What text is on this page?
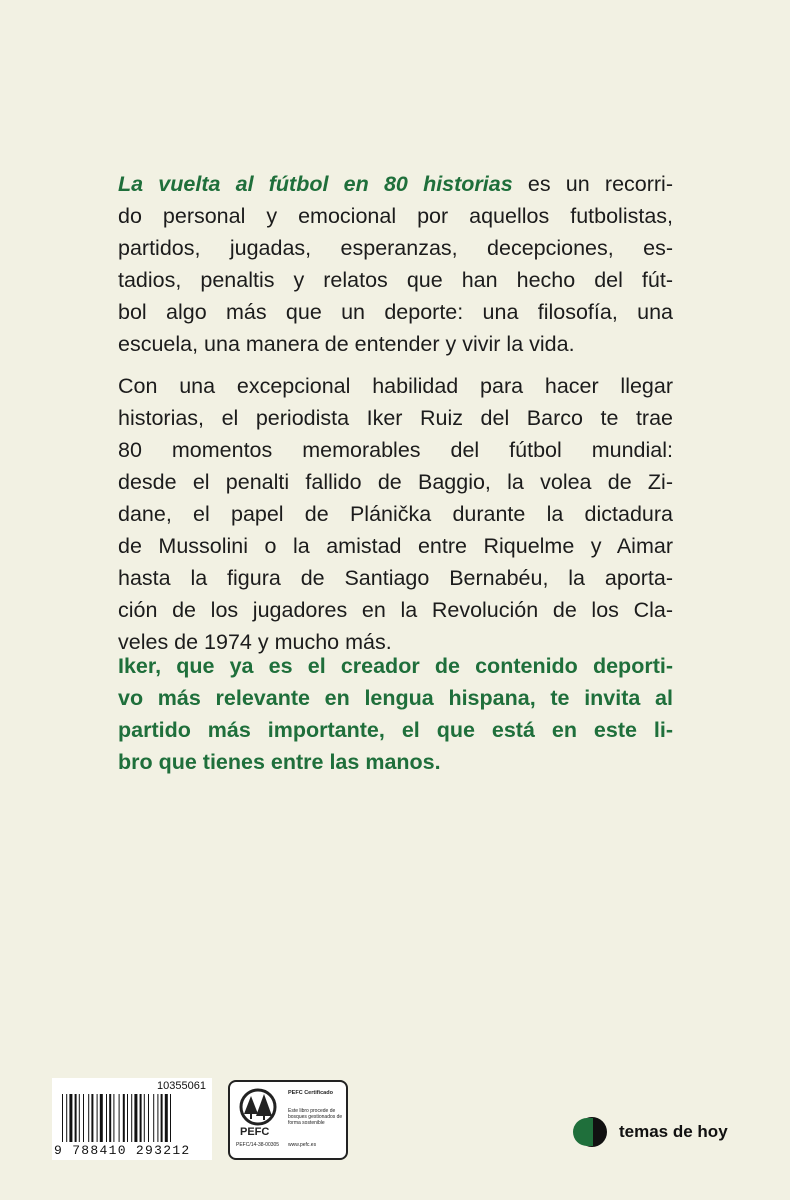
La vuelta al fútbol en 80 historias es un recorri-
do personal y emocional por aquellos futbolistas,
partidos, jugadas, esperanzas, decepciones, es-
tadios, penaltis y relatos que han hecho del fút-
bol algo más que un deporte: una filosofía, una
escuela, una manera de entender y vivir la vida.
Con una excepcional habilidad para hacer llegar
historias, el periodista Iker Ruiz del Barco te trae
80 momentos memorables del fútbol mundial:
desde el penalti fallido de Baggio, la volea de Zi-
dane, el papel de Plánička durante la dictadura
de Mussolini o la amistad entre Riquelme y Aimar
hasta la figura de Santiago Bernabéu, la aporta-
ción de los jugadores en la Revolución de los Cla-
veles de 1974 y mucho más.
Iker, que ya es el creador de contenido deporti-
vo más relevante en lengua hispana, te invita al
partido más importante, el que está en este li-
bro que tienes entre las manos.
10355061
9 788410 293212
PEFC
PEFC/14-38-00305
PEFC Certificado
Este libro procede de bosques gestionados de forma sostenible
www.pefc.es
temas de hoy
